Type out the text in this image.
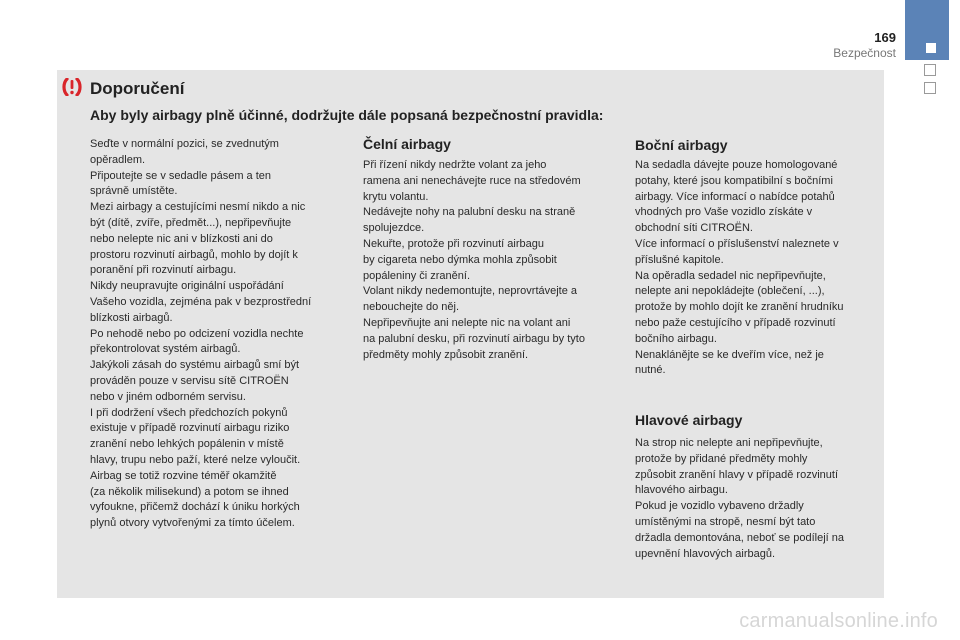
169
Bezpečnost
Doporučení
Aby byly airbagy plně účinné, dodržujte dále popsaná bezpečnostní pravidla:
Seďte v normální pozici, se zvednutým
opěradlem.
Připoutejte se v sedadle pásem a ten
správně umístěte.
Mezi airbagy a cestujícími nesmí nikdo a nic
být (dítě, zvíře, předmět...), nepřipevňujte
nebo nelepte nic ani v blízkosti ani do
prostoru rozvinutí airbagů, mohlo by dojít k
poranění při rozvinutí airbagu.
Nikdy neupravujte originální uspořádání
Vašeho vozidla, zejména pak v bezprostřední
blízkosti airbagů.
Po nehodě nebo po odcizení vozidla nechte
překontrolovat systém airbagů.
Jakýkoli zásah do systému airbagů smí být
prováděn pouze v servisu sítě CITROËN
nebo v jiném odborném servisu.
I při dodržení všech předchozích pokynů
existuje v případě rozvinutí airbagu riziko
zranění nebo lehkých popálenin v místě
hlavy, trupu nebo paží, které nelze vyloučit.
Airbag se totiž rozvine téměř okamžitě
(za několik milisekund) a potom se ihned
vyfoukne, přičemž dochází k úniku horkých
plynů otvory vytvořenými za tímto účelem.
Čelní airbagy
Při řízení nikdy nedržte volant za jeho
ramena ani nenechávejte ruce na středovém
krytu volantu.
Nedávejte nohy na palubní desku na straně
spolujezdce.
Nekuřte, protože při rozvinutí airbagu
by cigareta nebo dýmka mohla způsobit
popáleniny či zranění.
Volant nikdy nedemontujte, neprovrtávejte a
neboucheјte do něj.
Nepřipevňujte ani nelepte nic na volant ani
na palubní desku, při rozvinutí airbagu by tyto
předměty mohly způsobit zranění.
Boční airbagy
Na sedadla dávejte pouze homologované
potahy, které jsou kompatibilní s bočními
airbagy. Více informací o nabídce potahů
vhodných pro Vaše vozidlo získáte v
obchodní síti CITROËN.
Více informací o příslušenství naleznete v
příslušné kapitole.
Na opěradla sedadel nic nepřipevňujte,
nelepte ani nepokládejte (oblečení, ...),
protože by mohlo dojít ke zranění hrudníku
nebo paže cestujícího v případě rozvinutí
bočního airbagu.
Nenaklánějte se ke dveřím více, než je
nutné.
Hlavové airbagy
Na strop nic nelepte ani nepřipevňujte,
protože by přidané předměty mohly
způsobit zranění hlavy v případě rozvinutí
hlavového airbagu.
Pokud je vozidlo vybaveno držadly
umístěnými na stropě, nesmí být tato
držadla demontována, neboť se podílejí na
upevnění hlavových airbagů.
carmanualsonline.info
